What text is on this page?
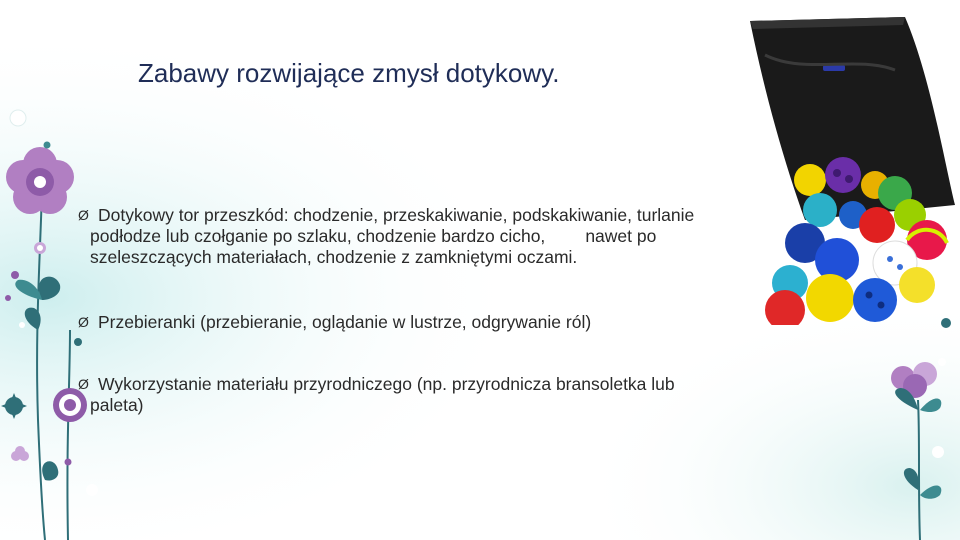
Zabawy rozwijające zmysł dotykowy.
Ø Dotykowy tor przeszkód: chodzenie, przeskakiwanie, podskakiwanie, turlanie
podłodze lub czołganie po szlaku, chodzenie bardzo cicho, nawet po
szeleszczących materiałach, chodzenie z zamkniętymi oczami.
Ø Przebieranki (przebieranie, oglądanie w lustrze, odgrywanie ról)
Ø Wykorzystanie materiału przyrodniczego (np. przyrodnicza bransoletka lub
paleta)
